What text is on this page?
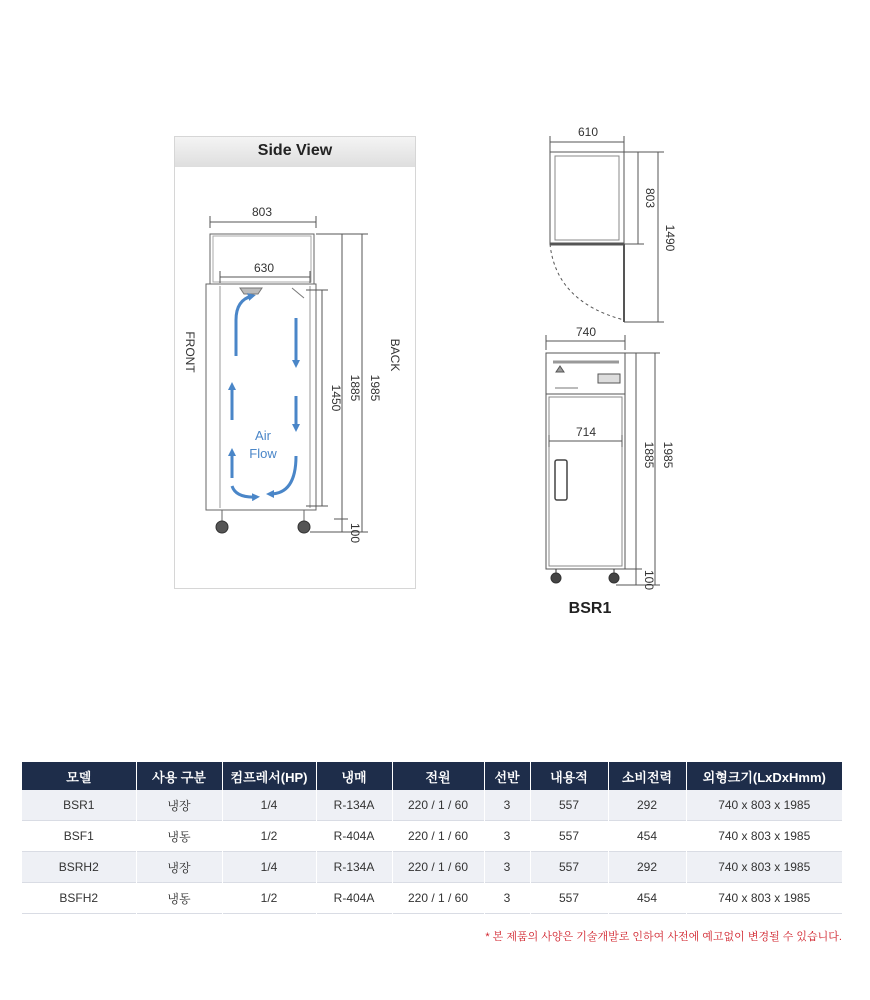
Side View
Air
Flow
803
630
1450 1885 1985
100
FRONT	BACK
610
803
1490
740
714
1885 1985
100
BSR1
모델	사용 구분	컴프레서(HP)	냉매	전원	선반	내용적	소비전력	외형크기(LxDxHmm)
BSR1	냉장	1/4	R-134A	220 / 1 / 60	3	557	292	740 x 803 x 1985
BSF1	냉동	1/2	R-404A	220 / 1 / 60	3	557	454	740 x 803 x 1985
BSRH2	냉장	1/4	R-134A	220 / 1 / 60	3	557	292	740 x 803 x 1985
BSFH2	냉동	1/2	R-404A	220 / 1 / 60	3	557	454	740 x 803 x 1985
* 본 제품의 사양은 기술개발로 인하여 사전에 예고없이 변경될 수 있습니다.
